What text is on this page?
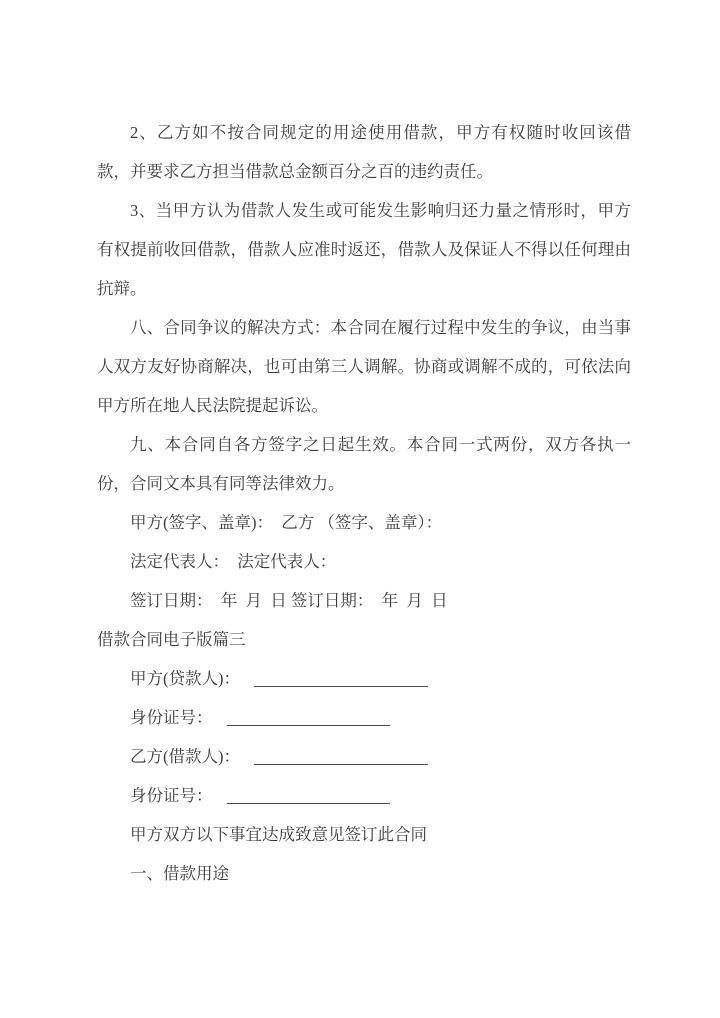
2、乙方如不按合同规定的用途使用借款，甲方有权随时收回该借款，并要求乙方担当借款总金额百分之百的违约责任。

3、当甲方认为借款人发生或可能发生影响归还力量之情形时，甲方有权提前收回借款，借款人应准时返还，借款人及保证人不得以任何理由抗辩。

八、合同争议的解决方式：本合同在履行过程中发生的争议，由当事人双方友好协商解决，也可由第三人调解。协商或调解不成的，可依法向甲方所在地人民法院提起诉讼。

九、本合同自各方签字之日起生效。本合同一式两份，双方各执一份，合同文本具有同等法律效力。

甲方(签字、盖章)：  乙方 （签字、盖章）：

法定代表人：  法定代表人：

签订日期：  年  月  日 签订日期：  年  月  日

借款合同电子版篇三

甲方(贷款人)：

身份证号：

乙方(借款人)：

身份证号：

甲方双方以下事宜达成致意见签订此合同

一、借款用途
